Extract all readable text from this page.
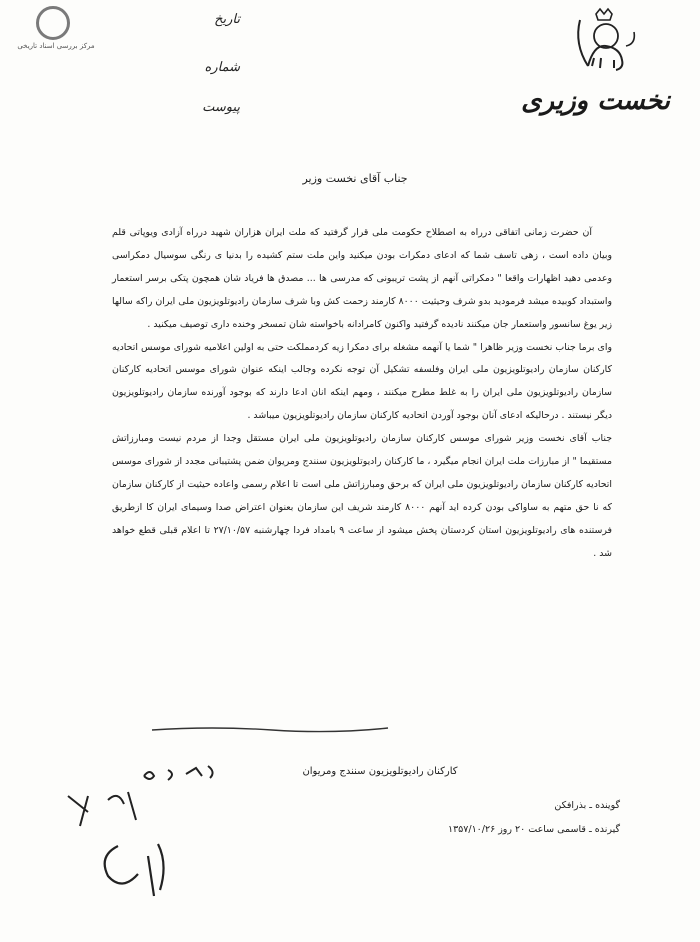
مرکز بررسی اسناد تاریخی
تاریخ
شماره
پیوست	نخست وزیری
جناب آقای نخست وزیر

آن حضرت زمانی اتفاقی درراه به اصطلاح حکومت ملی قرار گرفتید که ملت ایران هزاران شهید درراه آزادی ویوپاتی قلم وبیان داده است ، زهی تاسف شما که ادعای دمکرات بودن میکنید واین ملت ستم کشیده را بدنیا ی رنگی سوسیال دمکراسی وعدمی دهید اظهارات واقعا " دمکراتی آنهم از پشت تریبونی که مدرسی ها ... مصدق ها فریاد شان همچون پتکی برسر استعمار واستبداد کوبیده میشد فرمودید بدو شرف وحیثیت ۸۰۰۰ کارمند زحمت کش وبا شرف سازمان رادیوتلویزیون ملی ایران راکه سالها زیر یوغ سانسور واستعمار جان میکنند نادیده گرفتید واکنون کامرادانه باخواسته شان تمسخر وخنده داری توصیف میکنید .

وای برما جناب نخست وزیر ظاهرا " شما یا آنهمه مشغله برای دمکرا زیه کردمملکت حتی به اولین اعلامیه شورای موسس اتحادیه کارکنان سازمان رادیوتلویزیون ملی ایران وفلسفه تشکیل آن توجه نکرده وجالب اینکه عنوان شورای موسس اتحادیه کارکنان سازمان رادیوتلویزیون ملی ایران را به غلط مطرح میکنند ، ومهم اینکه انان ادعا دارند که بوجود آورنده سازمان رادیوتلویزیون دیگر نیستند . درحالیکه ادعای آنان بوجود آوردن اتحادیه کارکنان سازمان رادیوتلویزیون میباشد .

جناب آقای نخست وزیر شورای موسس کارکنان سازمان رادیوتلویزیون ملی ایران مستقل وجدا از مردم نیست ومبارزاتش مستقیما " از مبارزات ملت ایران انجام میگیرد ، ما کارکنان رادیوتلویزیون سنندج ومریوان ضمن پشتیبانی مجدد از شورای موسس اتحادیه کارکنان سازمان رادیوتلویزیون ملی ایران که برحق ومبارزاتش ملی است تا اعلام رسمی واعاده حیثیت از کارکنان سازمان که نا حق متهم به ساواکی بودن کرده اید آنهم ۸۰۰۰ کارمند شریف این سازمان بعنوان اعتراض صدا وسیمای ایران کا ازطریق فرستنده های رادیوتلویزیون استان کردستان پخش میشود از ساعت ۹ بامداد فردا چهارشنبه ۲۷/۱۰/۵۷ تا اعلام قبلی قطع خواهد شد .

کارکنان رادیوتلویزیون سنندج ومریوان
گوینده ـ بذرافکن
گیرنده ـ قاسمی ساعت ۲۰ روز ۱۳۵۷/۱۰/۲۶
